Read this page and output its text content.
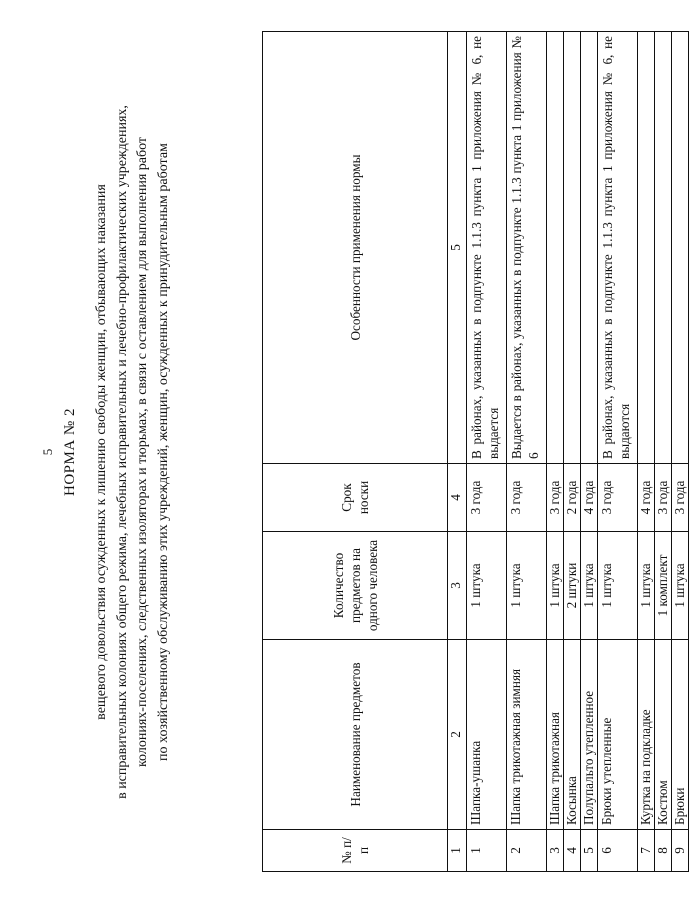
5 НОРМА № 2 вещевого довольствия осужденных к лишению свободы женщин, отбывающих наказания в исправительных колониях общего режима, лечебных исправительных и лечебно-профилактических учреждениях, колониях-поселениях, следственных изоляторах и тюрьмах, в связи с оставлением для выполнения работ по хозяйственному обслуживанию этих учреждений, женщин, осужденных к принудительным работам
№ п/п	Наименование предметов	Количество предметов на одного человека	Срок носки	Особенности применения нормы
1	2	3	4	5
1	Шапка-ушанка	1 штука	3 года	В районах, указанных в подпункте 1.1.3 пункта 1 приложения № 6, не выдается
2	Шапка трикотажная зимняя	1 штука	3 года	Выдается в районах, указанных в подпункте 1.1.3 пункта 1 приложения № 6
3	Шапка трикотажная	1 штука	3 года	
4	Косынка	2 штуки	2 года	
5	Полупальто утепленное	1 штука	4 года	
6	Брюки утепленные	1 штука	3 года	В районах, указанных в подпункте 1.1.3 пункта 1 приложения № 6, не выдаются
7	Куртка на подкладке	1 штука	4 года	
8	Костюм	1 комплект	3 года	
9	Брюки	1 штука	3 года	
